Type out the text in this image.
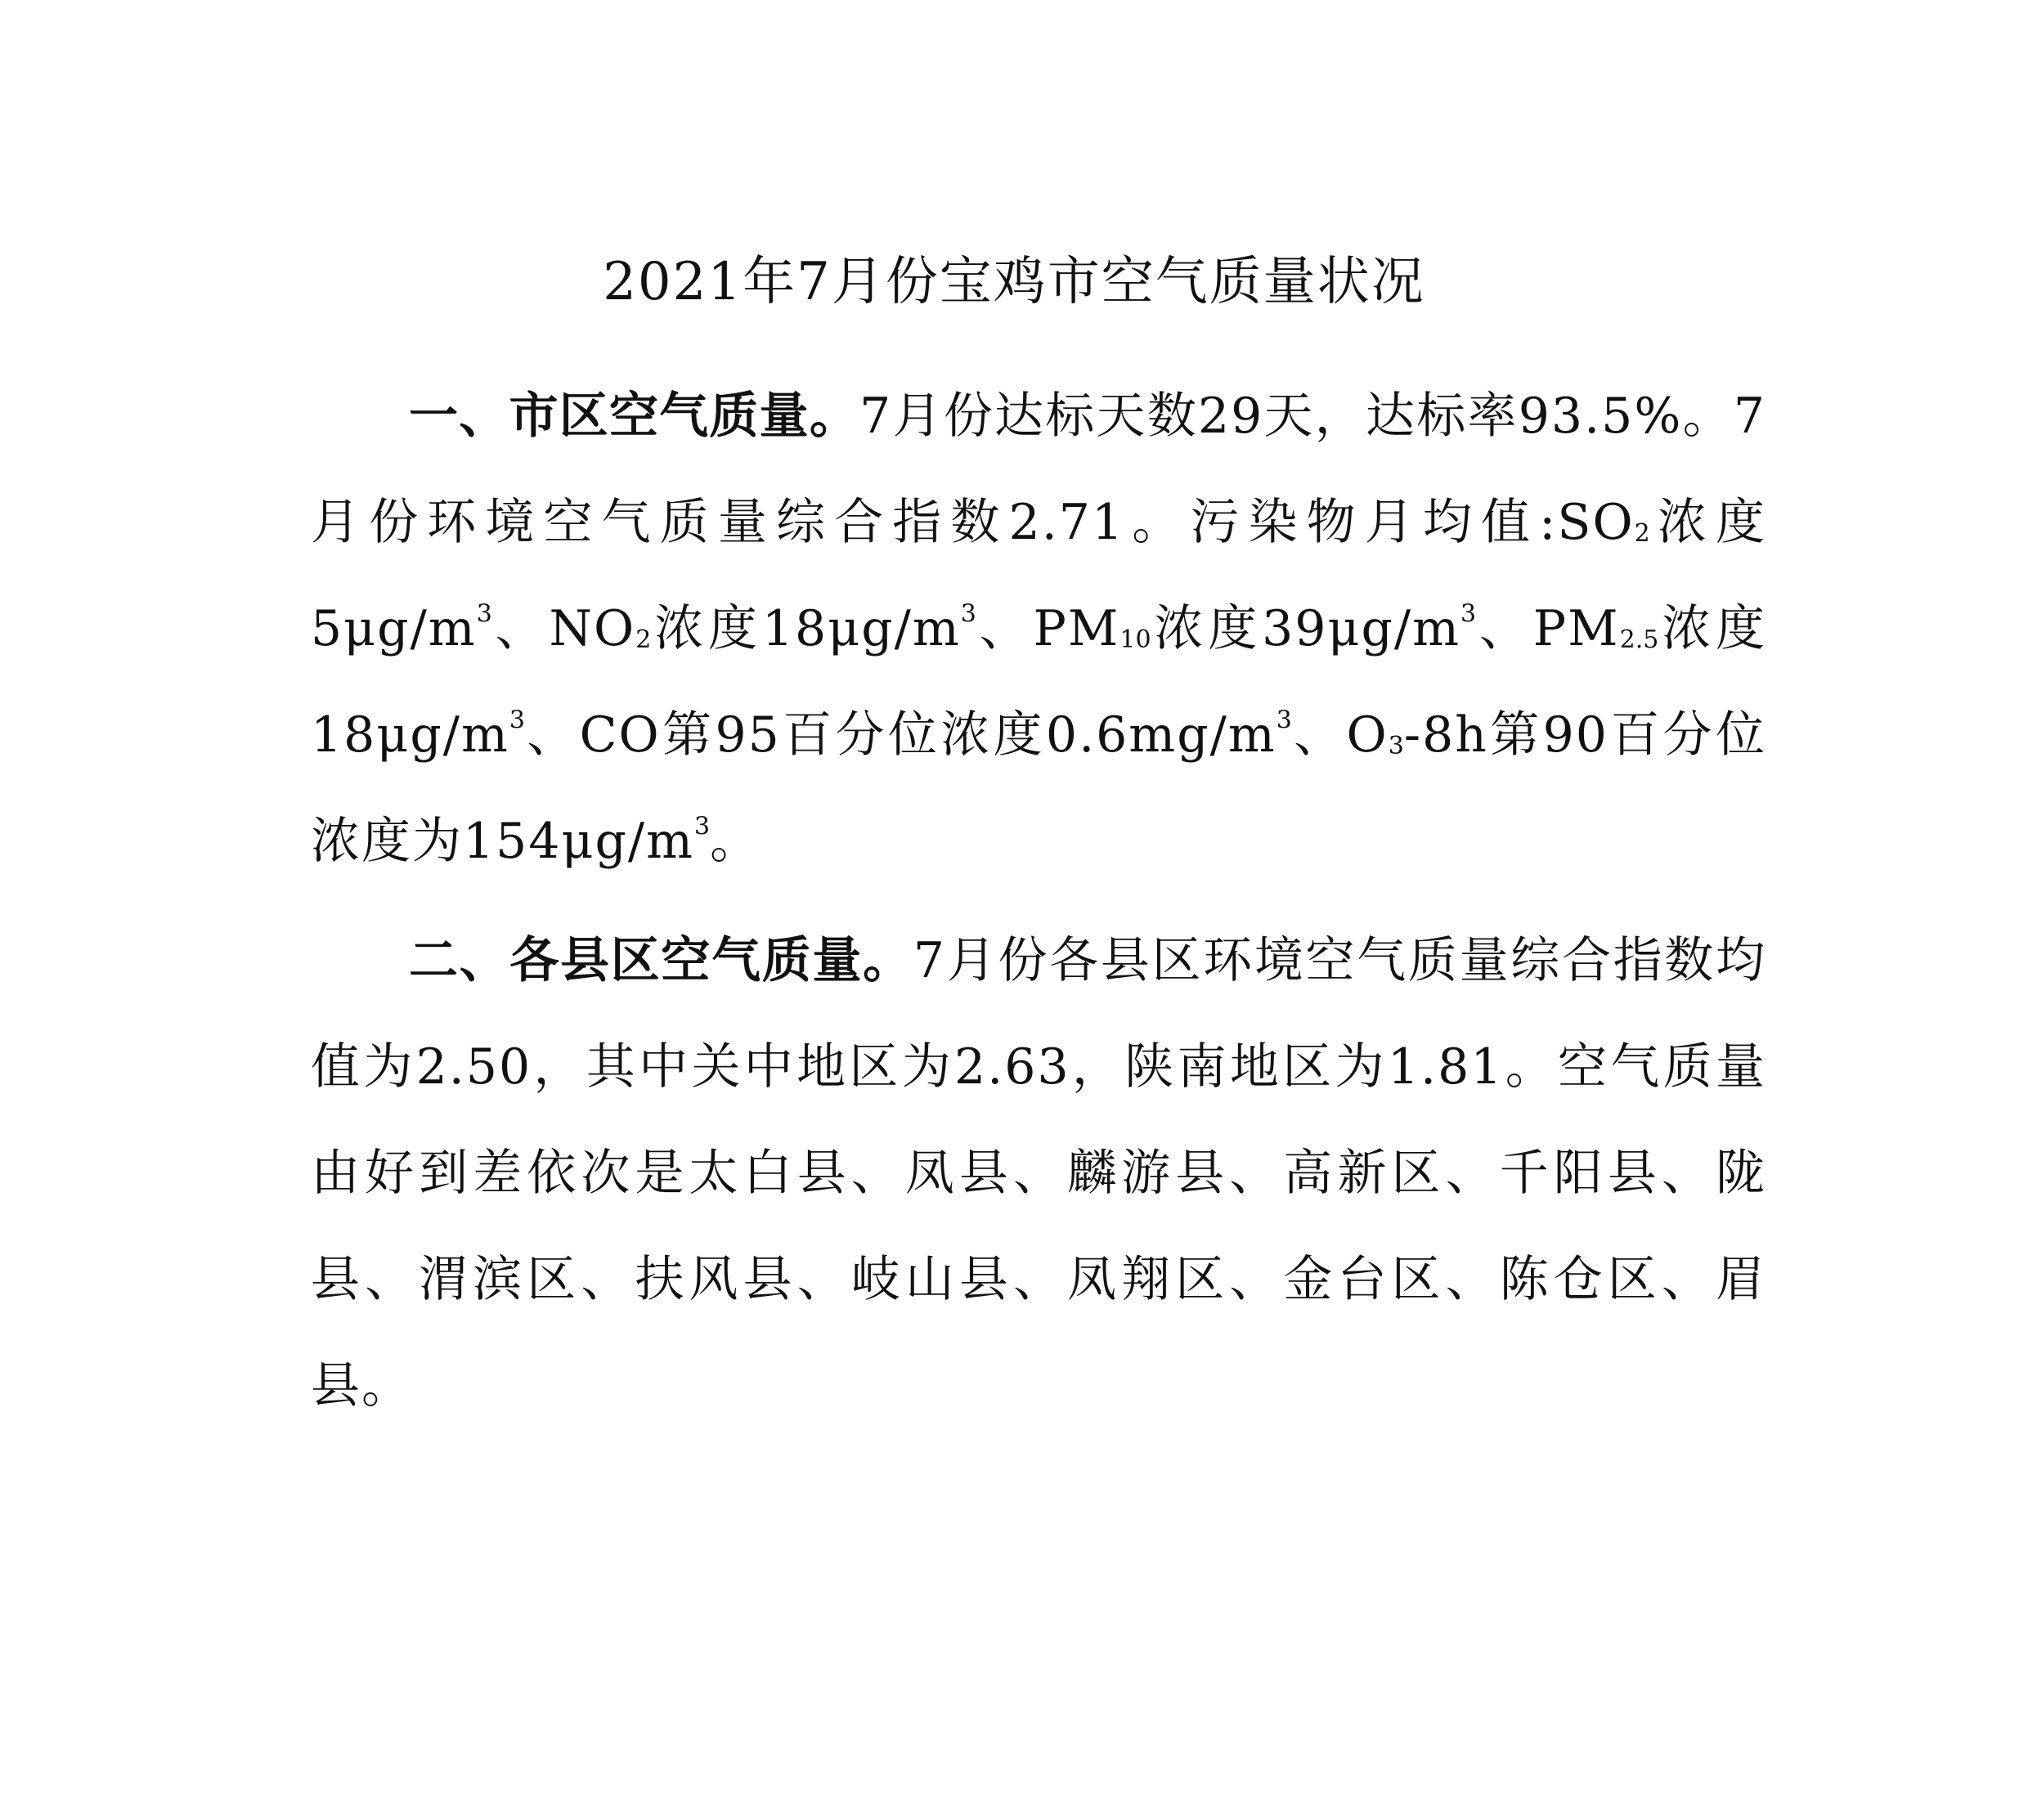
2021年7月份宝鸡市空气质量状况

一、市区空气质量。7月份达标天数29天，达标率93.5%。7月份环境空气质量综合指数2.71。污染物月均值$:SO_2$浓度$5\mu g/m^3$、$NO_2$浓度$18\mu g/m^3$、$PM_{10}$浓度$39\mu g/m^3$、$PM_{2.5}$浓度$18\mu g/m^3$、CO第95百分位浓度$0.6mg/m^3$、$O_3-8h$第90百分位浓度为$154\mu g/m^3$。

二、各县区空气质量。7月份各县区环境空气质量综合指数均值为2.50，其中关中地区为2.63，陕南地区为1.81。空气质量由好到差依次是太白县、凤县、麟游县、高新区、千阳县、陇县、渭滨区、扶风县、岐山县、凤翔区、金台区、陈仓区、眉县。
